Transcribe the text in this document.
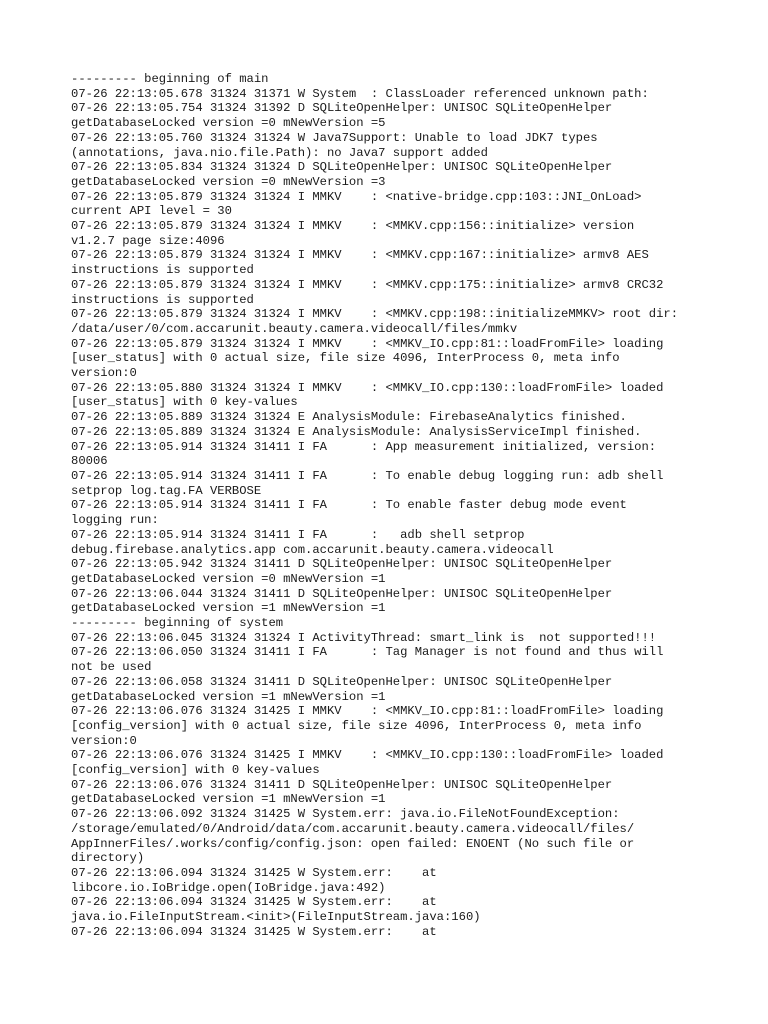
--------- beginning of main
07-26 22:13:05.678 31324 31371 W System  : ClassLoader referenced unknown path:
07-26 22:13:05.754 31324 31392 D SQLiteOpenHelper: UNISOC SQLiteOpenHelper
getDatabaseLocked version =0 mNewVersion =5
07-26 22:13:05.760 31324 31324 W Java7Support: Unable to load JDK7 types
(annotations, java.nio.file.Path): no Java7 support added
07-26 22:13:05.834 31324 31324 D SQLiteOpenHelper: UNISOC SQLiteOpenHelper
getDatabaseLocked version =0 mNewVersion =3
07-26 22:13:05.879 31324 31324 I MMKV    : <native-bridge.cpp:103::JNI_OnLoad>
current API level = 30
07-26 22:13:05.879 31324 31324 I MMKV    : <MMKV.cpp:156::initialize> version
v1.2.7 page size:4096
07-26 22:13:05.879 31324 31324 I MMKV    : <MMKV.cpp:167::initialize> armv8 AES
instructions is supported
07-26 22:13:05.879 31324 31324 I MMKV    : <MMKV.cpp:175::initialize> armv8 CRC32
instructions is supported
07-26 22:13:05.879 31324 31324 I MMKV    : <MMKV.cpp:198::initializeMMKV> root dir:
/data/user/0/com.accarunit.beauty.camera.videocall/files/mmkv
07-26 22:13:05.879 31324 31324 I MMKV    : <MMKV_IO.cpp:81::loadFromFile> loading
[user_status] with 0 actual size, file size 4096, InterProcess 0, meta info
version:0
07-26 22:13:05.880 31324 31324 I MMKV    : <MMKV_IO.cpp:130::loadFromFile> loaded
[user_status] with 0 key-values
07-26 22:13:05.889 31324 31324 E AnalysisModule: FirebaseAnalytics finished.
07-26 22:13:05.889 31324 31324 E AnalysisModule: AnalysisServiceImpl finished.
07-26 22:13:05.914 31324 31411 I FA      : App measurement initialized, version:
80006
07-26 22:13:05.914 31324 31411 I FA      : To enable debug logging run: adb shell
setprop log.tag.FA VERBOSE
07-26 22:13:05.914 31324 31411 I FA      : To enable faster debug mode event
logging run:
07-26 22:13:05.914 31324 31411 I FA      :   adb shell setprop
debug.firebase.analytics.app com.accarunit.beauty.camera.videocall
07-26 22:13:05.942 31324 31411 D SQLiteOpenHelper: UNISOC SQLiteOpenHelper
getDatabaseLocked version =0 mNewVersion =1
07-26 22:13:06.044 31324 31411 D SQLiteOpenHelper: UNISOC SQLiteOpenHelper
getDatabaseLocked version =1 mNewVersion =1
--------- beginning of system
07-26 22:13:06.045 31324 31324 I ActivityThread: smart_link is  not supported!!!
07-26 22:13:06.050 31324 31411 I FA      : Tag Manager is not found and thus will
not be used
07-26 22:13:06.058 31324 31411 D SQLiteOpenHelper: UNISOC SQLiteOpenHelper
getDatabaseLocked version =1 mNewVersion =1
07-26 22:13:06.076 31324 31425 I MMKV    : <MMKV_IO.cpp:81::loadFromFile> loading
[config_version] with 0 actual size, file size 4096, InterProcess 0, meta info
version:0
07-26 22:13:06.076 31324 31425 I MMKV    : <MMKV_IO.cpp:130::loadFromFile> loaded
[config_version] with 0 key-values
07-26 22:13:06.076 31324 31411 D SQLiteOpenHelper: UNISOC SQLiteOpenHelper
getDatabaseLocked version =1 mNewVersion =1
07-26 22:13:06.092 31324 31425 W System.err: java.io.FileNotFoundException:
/storage/emulated/0/Android/data/com.accarunit.beauty.camera.videocall/files/
AppInnerFiles/.works/config/config.json: open failed: ENOENT (No such file or
directory)
07-26 22:13:06.094 31324 31425 W System.err:    at
libcore.io.IoBridge.open(IoBridge.java:492)
07-26 22:13:06.094 31324 31425 W System.err:    at
java.io.FileInputStream.<init>(FileInputStream.java:160)
07-26 22:13:06.094 31324 31425 W System.err:    at
